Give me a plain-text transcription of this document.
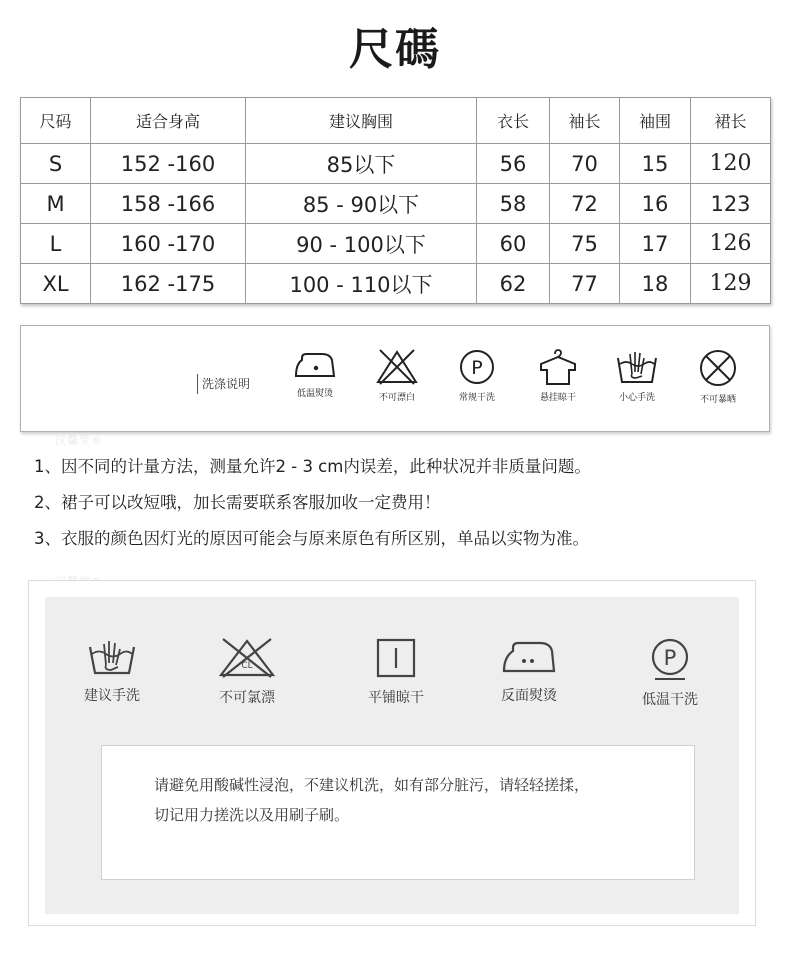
尺碼
尺码	适合身高	建议胸围	衣长	袖长	袖围	裙长
S	152 -160	85以下	56	70	15	120
M	158 -166	85 - 90以下	58	72	16	123
L	160 -170	90 - 100以下	60	75	17	126
XL	162 -175	100 - 110以下	62	77	18	129
汉馨堂®
洗涤说明
低温熨烫	不可漂白
P
常规干洗	悬挂晾干	小心手洗	不可暴晒
1、因不同的计量方法，测量允许2 - 3 cm内误差，此种状况并非质量问题。
2、裙子可以改短哦，加长需要联系客服加收一定费用！
3、衣服的颜色因灯光的原因可能会与原来原色有所区别，单品以实物为准。
建议手洗
CL
不可氯漂	平铺晾干	反面熨烫
P
低温干洗

请避免用酸碱性浸泡，不建议机洗，如有部分脏污，请轻轻搓揉，

切记用力搓洗以及用刷子刷。
